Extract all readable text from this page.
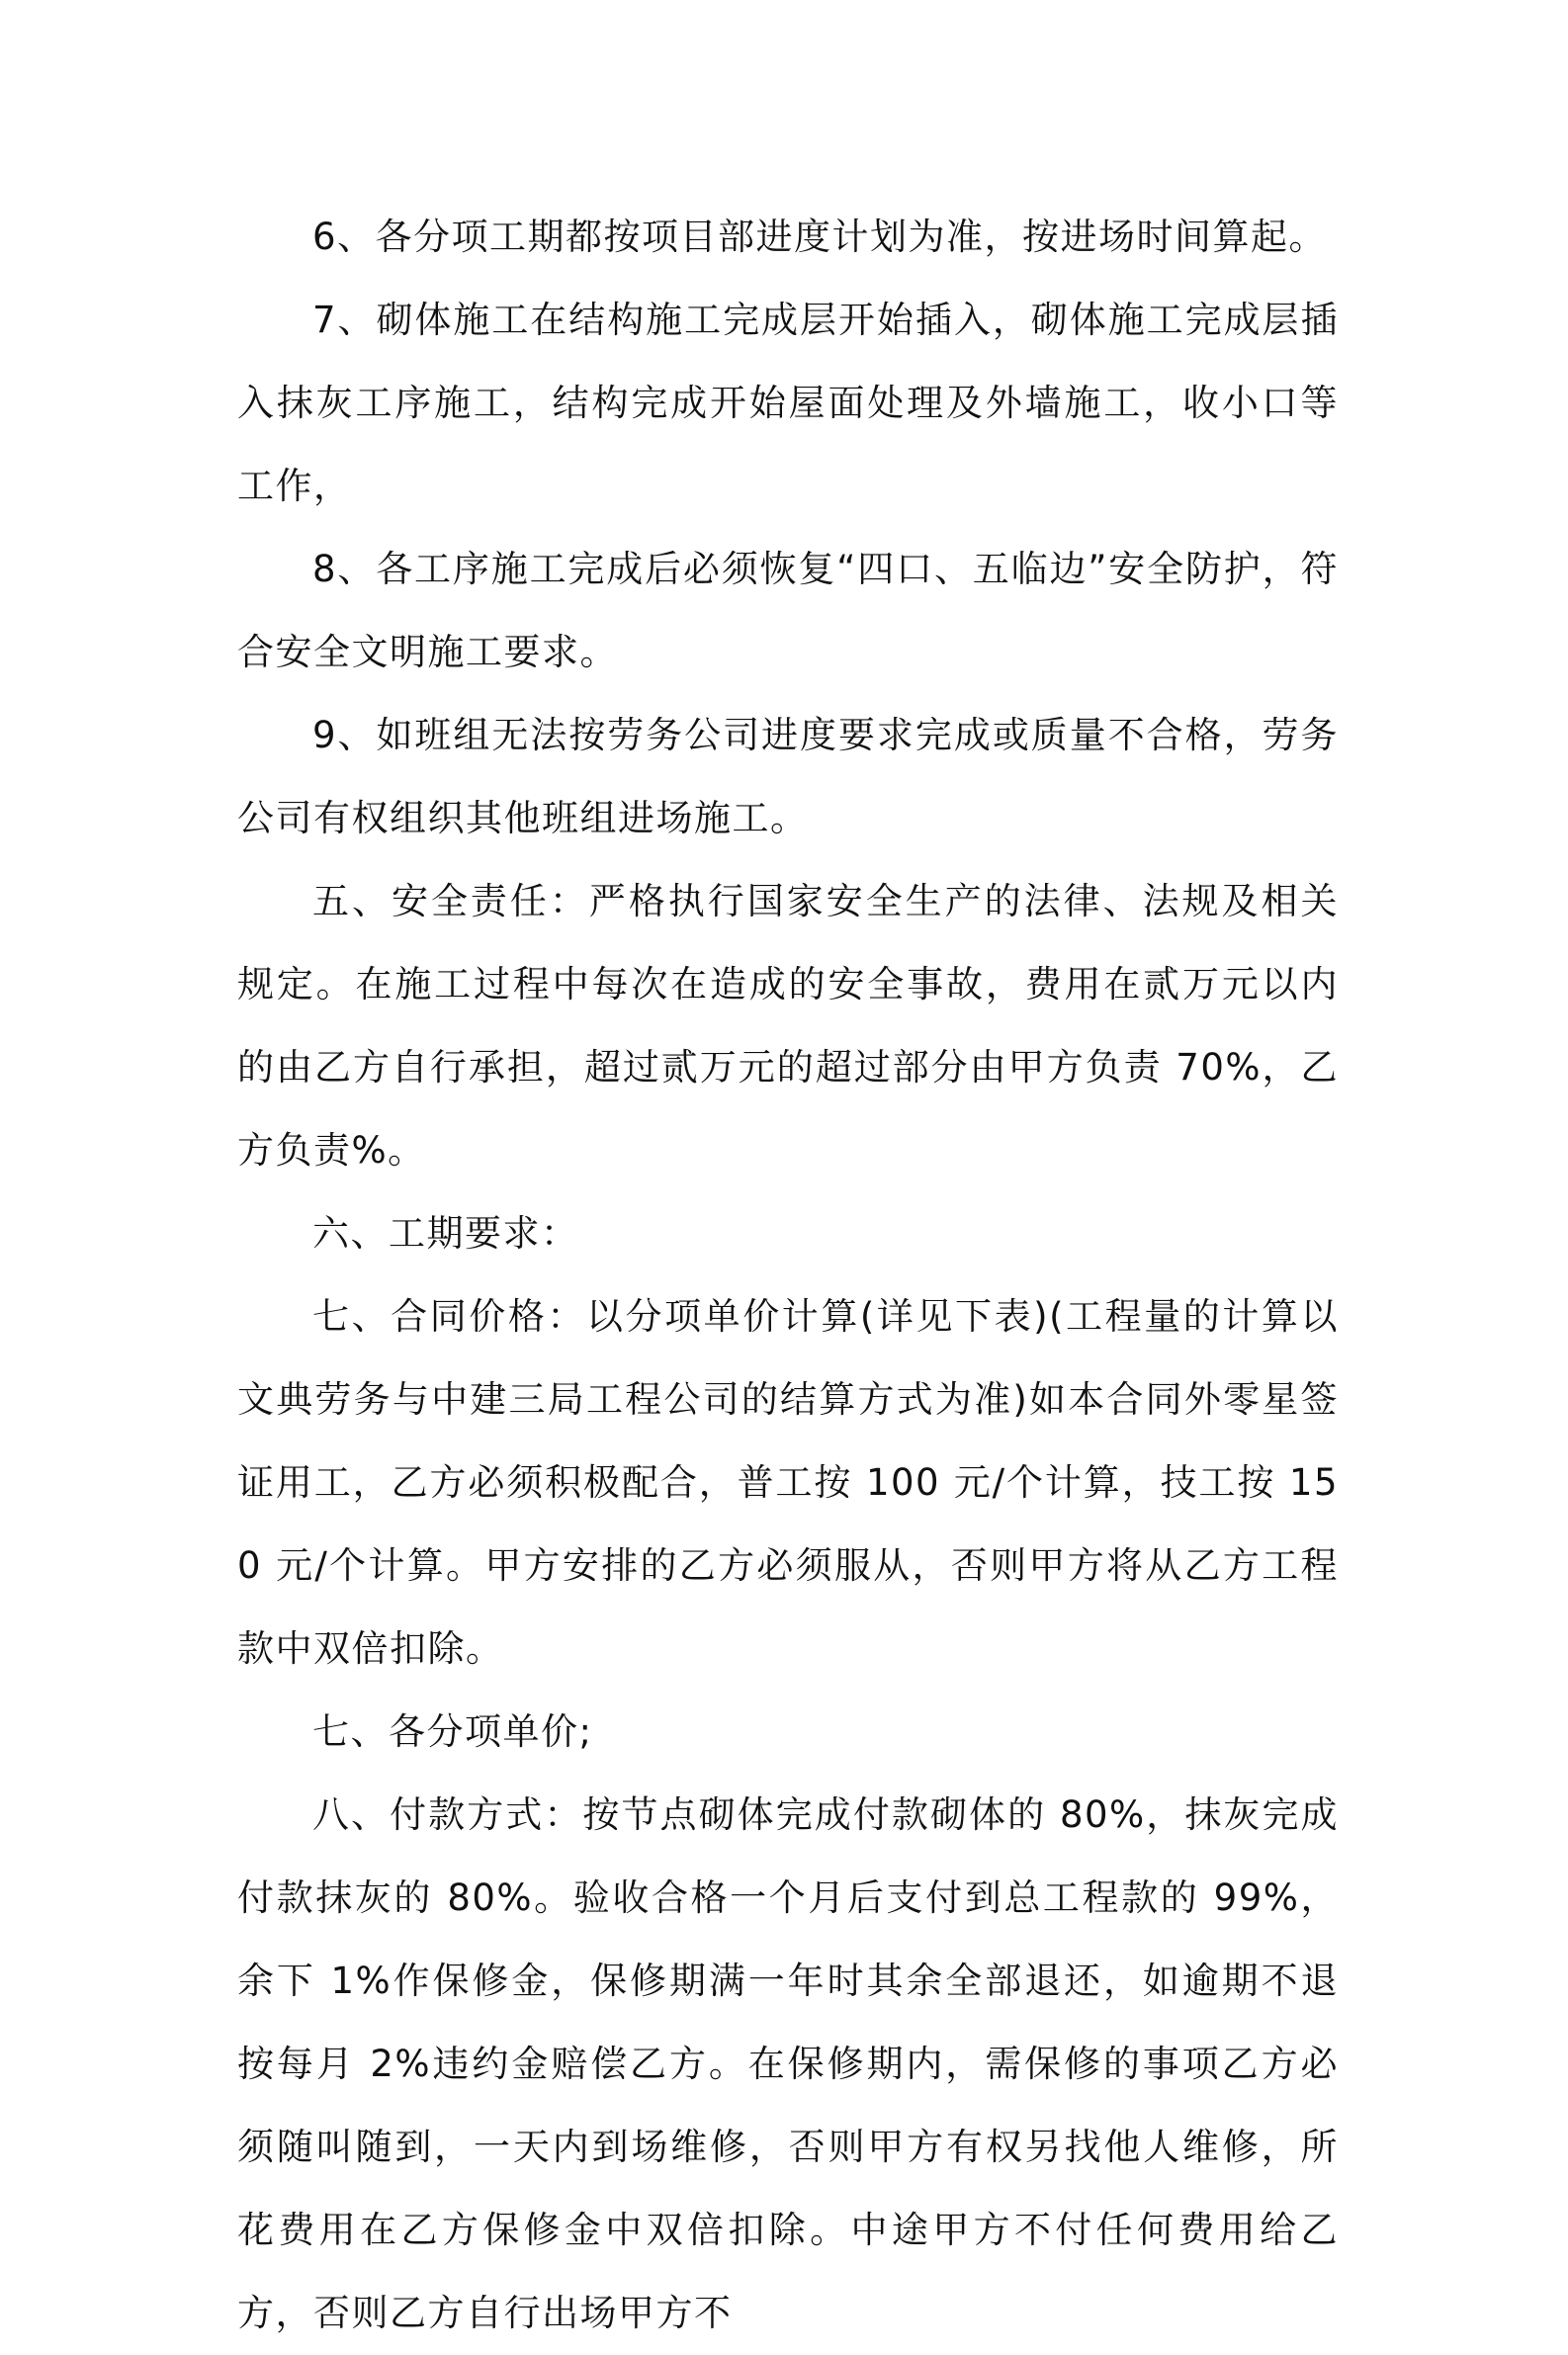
6、各分项工期都按项目部进度计划为准，按进场时间算起。

7、砌体施工在结构施工完成层开始插入，砌体施工完成层插入抹灰工序施工，结构完成开始屋面处理及外墙施工，收小口等工作，

8、各工序施工完成后必须恢复“四口、五临边”安全防护，符合安全文明施工要求。

9、如班组无法按劳务公司进度要求完成或质量不合格，劳务公司有权组织其他班组进场施工。

五、安全责任：严格执行国家安全生产的法律、法规及相关规定。在施工过程中每次在造成的安全事故，费用在贰万元以内的由乙方自行承担，超过贰万元的超过部分由甲方负责 70%，乙方负责%。

六、工期要求：

七、合同价格：以分项单价计算(详见下表)(工程量的计算以文典劳务与中建三局工程公司的结算方式为准)如本合同外零星签证用工，乙方必须积极配合，普工按 100 元/个计算，技工按 150 元/个计算。甲方安排的乙方必须服从，否则甲方将从乙方工程款中双倍扣除。

七、各分项单价;

八、付款方式：按节点砌体完成付款砌体的 80%，抹灰完成付款抹灰的 80%。验收合格一个月后支付到总工程款的 99%，余下 1%作保修金，保修期满一年时其余全部退还，如逾期不退按每月 2%违约金赔偿乙方。在保修期内，需保修的事项乙方必须随叫随到，一天内到场维修，否则甲方有权另找他人维修，所花费用在乙方保修金中双倍扣除。中途甲方不付任何费用给乙方，否则乙方自行出场甲方不
